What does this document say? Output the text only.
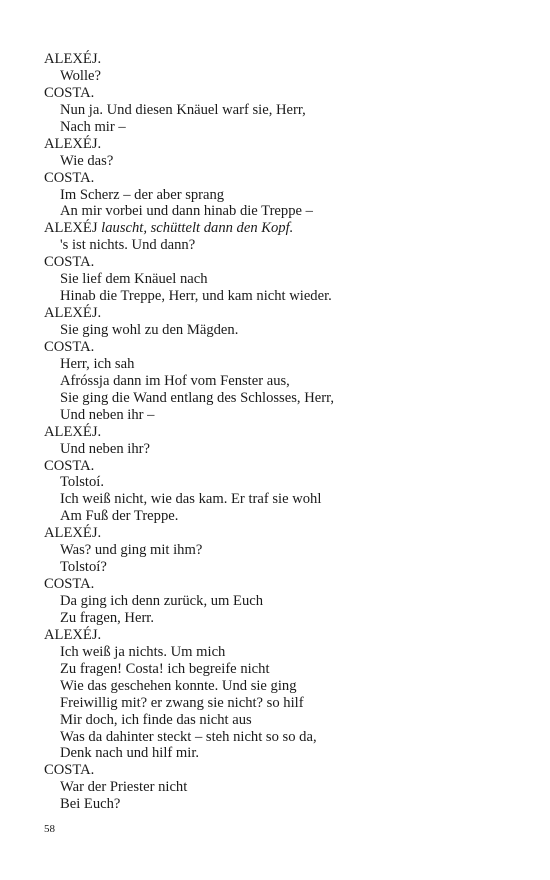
ALEXÉJ.
Wolle?
COSTA.
Nun ja. Und diesen Knäuel warf sie, Herr,
Nach mir –
ALEXÉJ.
Wie das?
COSTA.
Im Scherz – der aber sprang
An mir vorbei und dann hinab die Treppe –
ALEXÉJ lauscht, schüttelt dann den Kopf.
's ist nichts. Und dann?
COSTA.
Sie lief dem Knäuel nach
Hinab die Treppe, Herr, und kam nicht wieder.
ALEXÉJ.
Sie ging wohl zu den Mägden.
COSTA.
Herr, ich sah
Afróssja dann im Hof vom Fenster aus,
Sie ging die Wand entlang des Schlosses, Herr,
Und neben ihr –
ALEXÉJ.
Und neben ihr?
COSTA.
Tolstoí.
Ich weiß nicht, wie das kam. Er traf sie wohl
Am Fuß der Treppe.
ALEXÉJ.
Was? und ging mit ihm?
Tolstoí?
COSTA.
Da ging ich denn zurück, um Euch
Zu fragen, Herr.
ALEXÉJ.
Ich weiß ja nichts. Um mich
Zu fragen! Costa! ich begreife nicht
Wie das geschehen konnte. Und sie ging
Freiwillig mit? er zwang sie nicht? so hilf
Mir doch, ich finde das nicht aus
Was da dahinter steckt – steh nicht so so da,
Denk nach und hilf mir.
COSTA.
War der Priester nicht
Bei Euch?
58
